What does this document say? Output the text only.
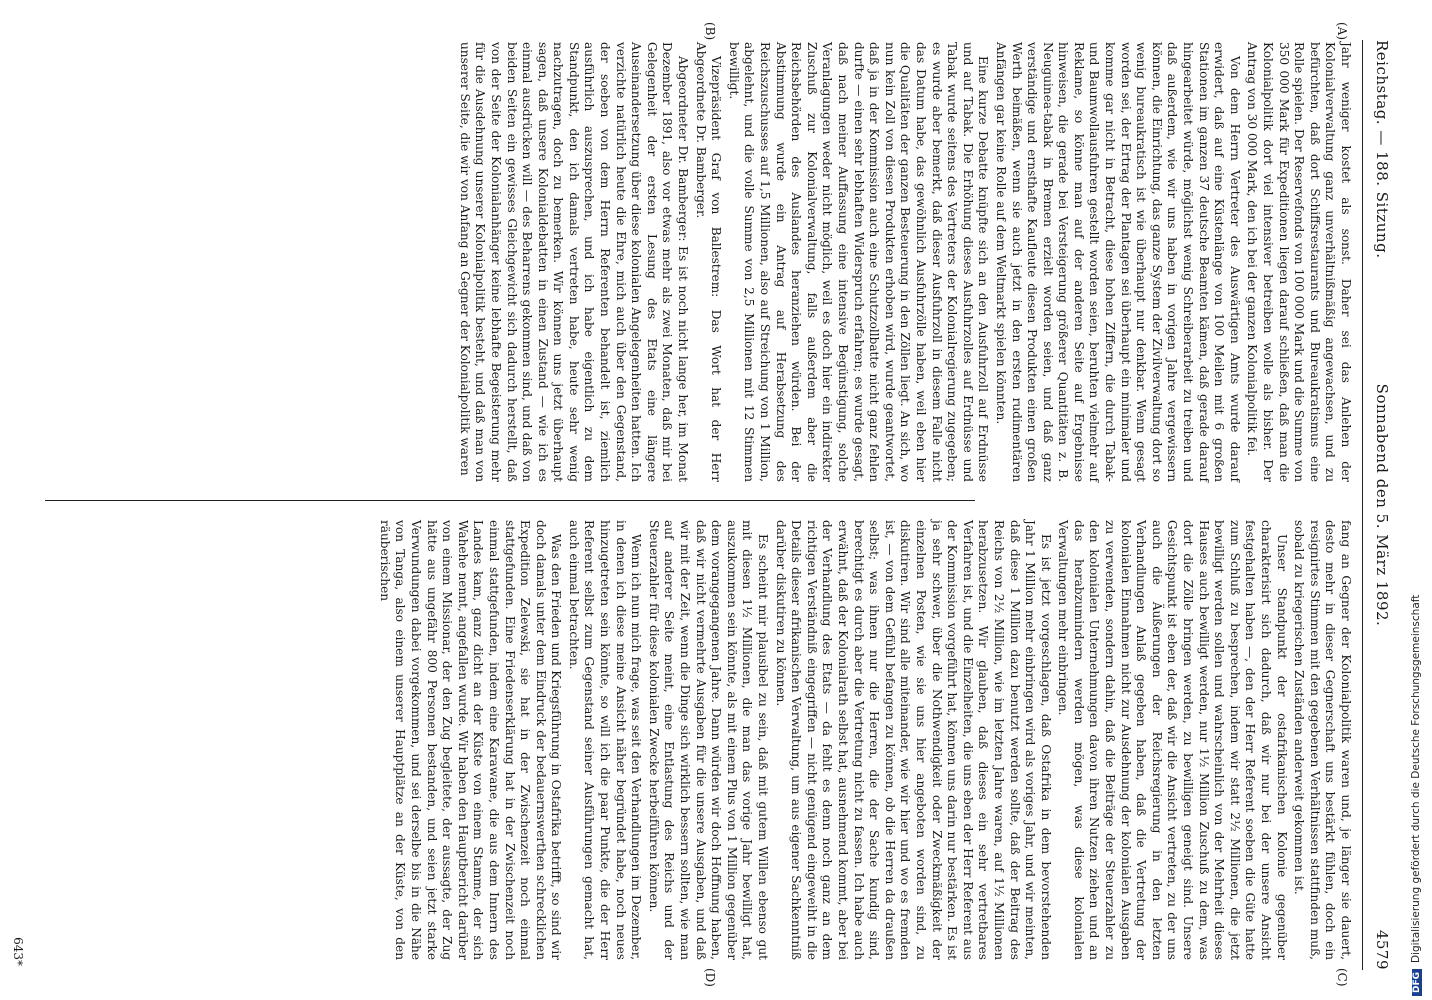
Reichstag. — 188. Sitzung.
Sonnabend den 5. März 1892.
4579
(A)
(B)
(C)
(D)

Jahr weniger kostet als sonst. Daher sei das Anlehen der Kolonialverwaltung ganz unverhältnißmäßig angewachsen, und zu befürchten, daß dort Schiffsrestaurants und Bureaukratismus eine Rolle spielen. Der Reservefonds von 100 000 Mark und die Summe von 350 000 Mark für Expeditionen liegen darauf schließen, daß man die Kolonialpolitik dort viel intensiver betreiben wolle als bisher. Der Antrag von 30 000 Mark, den ich bei der ganzen Kolonialpolitik fei.

Von dem Herrn Vertreter des Auswärtigen Amts wurde darauf erwidert, daß auf eine Küstenlänge von 100 Meilen mit 6 großen Stationen im ganzen 37 deutsche Beamten kämen, daß gerade darauf hingearbeitet würde, möglichst wenig Schreiberarbeit zu treiben und daß außerdem, wie wir uns haben in vorigen Jahre vergewissern können, die Einrichtung, das ganze System der Zivilverwaltung dort so wenig bureaukratisch ist wie überhaupt nur denkbar. Wenn gesagt worden sei, der Ertrag der Plantagen sei überhaupt ein minimaler und komme gar nicht in Betracht, diese hohen Ziffern, die durch Tabak- und Baumwollausfuhren gestellt worden seien, beruhten vielmehr auf Reklame, so könne man auf der anderen Seite auf Ergebnisse hinweisen, die gerade bei Versteigerung größerer Quantitäten z. B. Neuguinea-tabak in Bremen erzielt worden seien, und daß ganz verständige und ernsthafte Kaufleute diesen Produkten einen großen Werth beimäßen, wenn sie auch jetzt in den ersten rudimentären Anfängen gar keine Rolle auf dem Weltmarkt spielen könnten.

Eine kurze Debatte knüpfte sich an den Ausfuhrzoll auf Erdnüsse und auf Tabak. Die Erhöhung dieses Ausfuhrzolles auf Erdnüsse und Tabak wurde seitens des Vertreters der Kolonialregierung zugegeben; es wurde aber bemerkt, daß dieser Ausfuhrzoll in diesem Falle nicht das Datum habe, das gewöhnlich Ausfuhrzölle haben, weil eben hier die Qualitäten der ganzen Besteuerung in den Zöllen liegt. An sich, wo nun kein Zoll von diesen Produkten erhoben wird, wurde geantwortet, daß ja in der Kommission auch eine Schutzzollbatte nicht ganz fehlen durfte — einen sehr lebhaften Widerspruch erfahren; es wurde gesagt, daß nach meiner Auffassung eine intensive Begünstigung, solche Veranlagungen weder nicht möglich, weil es doch hier ein indirekter Zuschuß zur Kolonialverwaltung, falls außerdem aber die Reichsbehörden des Auslandes heranziehen würden. Bei der Abstimmung wurde ein Antrag auf Herabsetzung des Reichszuschusses auf 1,5 Millionen, also auf Streichung von 1 Million, abgelehnt, und die volle Summe von 2,5 Millionen mit 12 Stimmen bewilligt.

Vizepräsident Graf von Ballestrem: Das Wort hat der Herr Abgeordnete Dr. Bamberger.

Abgeordneter Dr. Bamberger: Es ist noch nicht lange her, im Monat Dezember 1891, also vor etwas mehr als zwei Monaten, daß mir bei Gelegenheit der ersten Lesung des Etats eine längere Auseinandersetzung über diese kolonialen Angelegenheiten hatten. Ich verzichte natürlich heute die Ehre, mich auch über den Gegenstand, der soeben von dem Herrn Referenten behandelt ist, ziemlich ausführlich auszusprechen, und ich habe eigentlich zu dem Standpunkt, den ich damals vertreten habe, heute sehr wenig nachzutragen, doch zu bemerken. Wir können uns jetzt überhaupt sagen, daß unsere Kolonialdebatten in einen Zustand — wie ich es einmal ausdrücken will — des Beharrens gekommen sind, und daß von beiden Seiten ein gewisses Gleichgewicht sich dadurch herstellt, daß von der Seite der Kolonialanhänger keine lebhafte Begeisterung mehr für die Ausdehnung unserer Kolonialpolitik besteht, und daß man von unserer Seite, die wir von Anfang an Gegner der Kolonialpolitik waren

fang an Gegner der Kolonialpolitik waren und, je länger sie dauert, desto mehr in dieser Gegnerschaft uns bestärkt fühlen, doch ein resignirtes Stimmen mit den gegebenen Verhältnissen stattfinden muß, sobald zu kriegerischen Zuständen anderweit gekommen ist.

Unser Standpunkt der ostafrikanischen Kolonie gegenüber charakterisirt sich dadurch, daß wir nur bei der unsere Ansicht festgehalten haben —, den der Herr Referent soeben die Güte hatte zum Schluß zu besprechen, indem wir statt 2½ Millionen, die jetzt bewilligt werden sollen und wahrscheinlich von der Mehrheit dieses Hauses auch bewilligt werden, nur 1½ Million Zuschuß zu dem, was dort die Zölle bringen werden, zu bewilligen geneigt sind. Unsere Gesichtspunkt ist eben der, daß wir die Ansicht vertreten, zu der uns auch die Äußerungen der Reichsregierung in den letzten Verhandlungen Anlaß gegeben haben, daß die Vertretung der kolonialen Einnahmen nicht zur Ausdehnung der kolonialen Ausgaben zu verwenden, sondern dahin, daß die Beiträge der Steuerzahler zu den kolonialen Unternehmungen davon ihren Nutzen ziehen und an das herabzumindern werden mögen, was diese kolonialen Verwaltungen mehr einbringen.

Es ist jetzt vorgeschlagen, daß Ostafrika in dem bevorstehenden Jahr 1 Million mehr einbringen wird als voriges Jahr, und wir meinten, daß diese 1 Million dazu benutzt werden sollte, daß der Beitrag des Reichs von 2½ Million, wie im letzten Jahre waren, auf 1½ Millionen herabzusetzen. Wir glauben, daß dieses ein sehr vertretbares Verfahren ist, und die Einzelheiten, die uns eben der Herr Referent aus der Kommission vorgeführt hat, können uns darin nur bestärken. Es ist ja sehr schwer, über die Nothwendigkeit oder Zweckmäßigkeit der einzelnen Posten, wie sie uns hier angeboten worden sind, zu diskutiren. Wir sind alle miteinander, wie wir hier und wo es fremden ist, — von dem Gefühl befangen zu können, ob die Herren da draußen selbst; was ihnen nur die Herren, die der Sache kundig sind, berechtigt es durch aber die Vertretung nicht zu fassen. Ich habe auch erwähnt, daß der Kolonialrath selbst hat, ausnehmend kommt, aber bei der Verhandlung des Etats — da fehlt es denn noch ganz an dem richtigen Verständniß eingegriffen — nicht genügend eingeweiht in die Details dieser afrikanischen Verwaltung, um aus eigener Sachkenntniß darüber diskutiren zu können.

Es scheint mir plausibel zu sein, daß mit gutem Willen ebenso gut mit diesen 1½ Millionen, die man das vorige Jahr bewilligt hat, auszukommen sein könnte, als mit einem Plus von 1 Million gegenüber dem vorangegangenen Jahre. Dann würden wir doch Hoffnung haben, daß wir nicht vermehrte Ausgaben für die unsere Ausgaben, und daß wir mit der Zeit, wenn die Dinge sich wirklich bessern sollten, wie man auf anderer Seite meint, eine Entlastung des Reichs und der Steuerzahler für diese kolonialen Zwecke herbeiführen können.

Wenn ich nun mich frage, was seit den Verhandlungen im Dezember, in denen ich diese meine Ansicht näher begründet habe, noch neues hinzugetreten sein könnte, so will ich die paar Punkte, die der Herr Referent selbst zum Gegenstand seiner Ausführungen gemacht hat, auch einmal betrachten.

Was den Frieden und Kriegsführung in Ostafrika betrifft, so sind wir doch damals unter dem Eindruck der bedauernswerthen schrecklichen Expedition Zelewski, sie hat in der Zwischenzeit noch einmal stattgefunden. Eine Friedenserklärung hat in der Zwischenzeit noch einmal stattgefunden, indem eine Karawane, die aus dem Innern des Landes kam, ganz dicht an der Küste von einem Stamme, der sich Wahehe nennt, angefallen wurde. Wir haben den Hauptbericht darüber von einem Missionar, der den Zug begleitete, der aussagte, der Zug hätte aus ungefähr 800 Personen bestanden, und seien jetzt starke Verwundungen dabei vorgekommen, und sei derselbe bis in die Nähe von Tanga, also einem unserer Hauptplätze an der Küste, von den räuberischen

643*
DFGDigitalisierung gefördert durch die Deutsche Forschungsgemeinschaft
